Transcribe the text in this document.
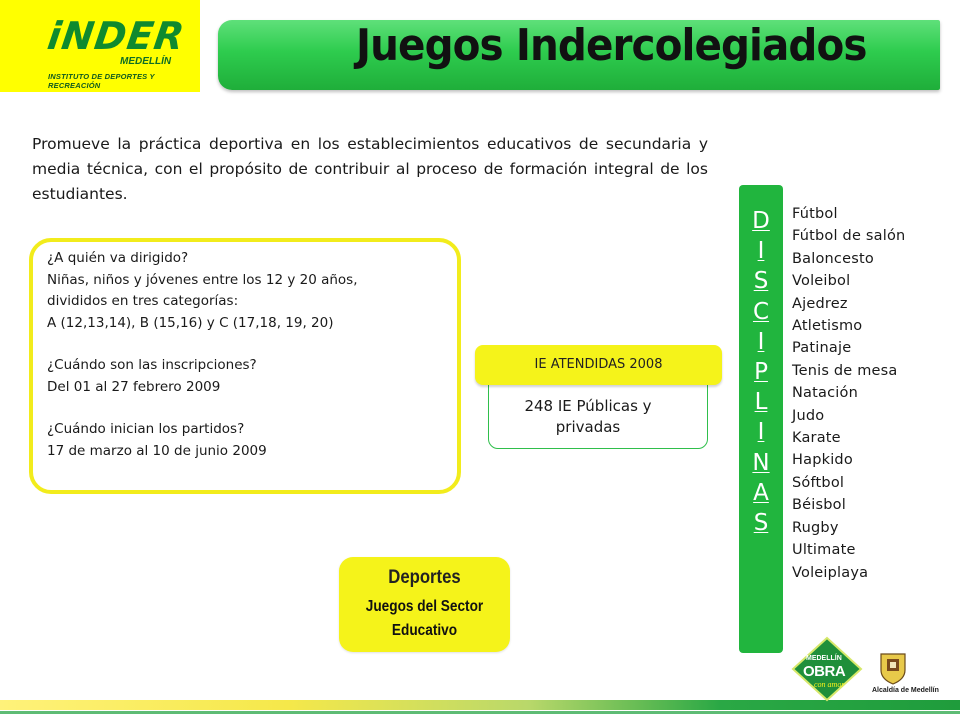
iNDER
MEDELLÍN
INSTITUTO DE DEPORTES Y RECREACIÓN
Juegos Indercolegiados
Promueve la práctica deportiva en los establecimientos educativos de secundaria y media técnica, con el propósito de contribuir al proceso de formación integral de los estudiantes.
¿A quién va dirigido?
Niñas, niños y jóvenes entre los 12 y 20 años,
divididos en tres categorías:
A (12,13,14), B (15,16) y C (17,18, 19, 20)
¿Cuándo son las inscripciones?
Del 01 al 27 febrero 2009
¿Cuándo inician los partidos?
17 de marzo al 10 de junio 2009
IE ATENDIDAS 2008
248 IE Públicas y
privadas
Deportes
Juegos del Sector
Educativo
D
I
S
C
I
P
L
I
N
A
S
Fútbol
Fútbol de salón
Baloncesto
Voleibol
Ajedrez
Atletismo
Patinaje
Tenis de mesa
Natación
Judo
Karate
Hapkido
Sóftbol
Béisbol
Rugby
Ultimate
Voleiplaya
MEDELLÍN
OBRA
con amor
Alcaldía de Medellín
